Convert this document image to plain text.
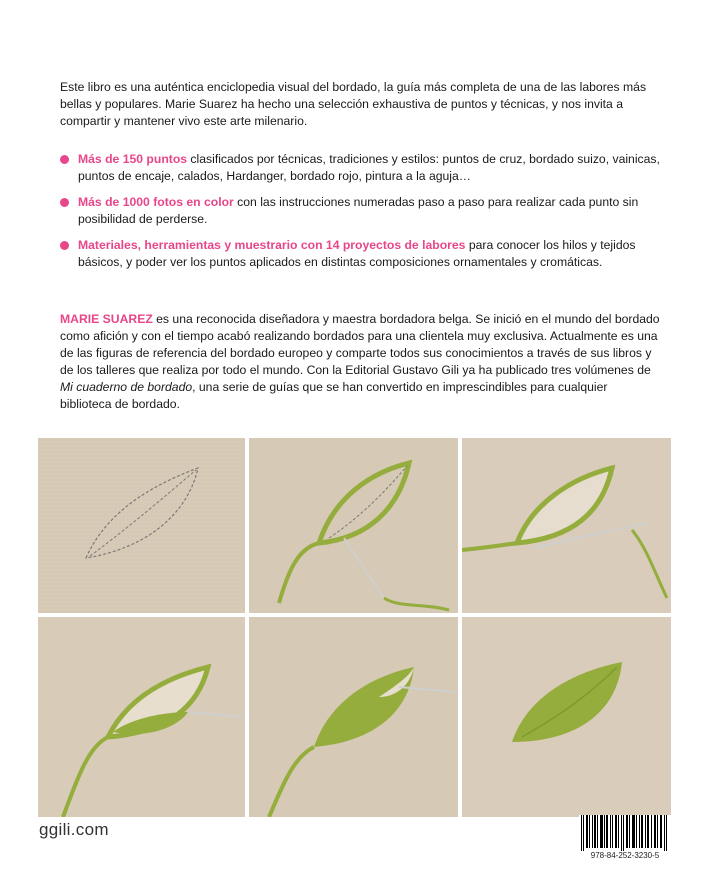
Este libro es una auténtica enciclopedia visual del bordado, la guía más completa de una de las labores más bellas y populares. Marie Suarez ha hecho una selección exhaustiva de puntos y técnicas, y nos invita a compartir y mantener vivo este arte milenario.

Más de 150 puntos clasificados por técnicas, tradiciones y estilos: puntos de cruz, bordado suizo, vainicas, puntos de encaje, calados, Hardanger, bordado rojo, pintura a la aguja…
Más de 1000 fotos en color con las instrucciones numeradas paso a paso para realizar cada punto sin posibilidad de perderse.
Materiales, herramientas y muestrario con 14 proyectos de labores para conocer los hilos y tejidos básicos, y poder ver los puntos aplicados en distintas composiciones ornamentales y cromáticas.

MARIE SUAREZ es una reconocida diseñadora y maestra bordadora belga. Se inició en el mundo del bordado como afición y con el tiempo acabó realizando bordados para una clientela muy exclusiva. Actualmente es una de las figuras de referencia del bordado europeo y comparte todos sus conocimientos a través de sus libros y de los talleres que realiza por todo el mundo. Con la Editorial Gustavo Gili ya ha publicado tres volúmenes de Mi cuaderno de bordado, una serie de guías que se han convertido en imprescindibles para cualquier biblioteca de bordado.

ggili.com
978-84-252-3230-5
